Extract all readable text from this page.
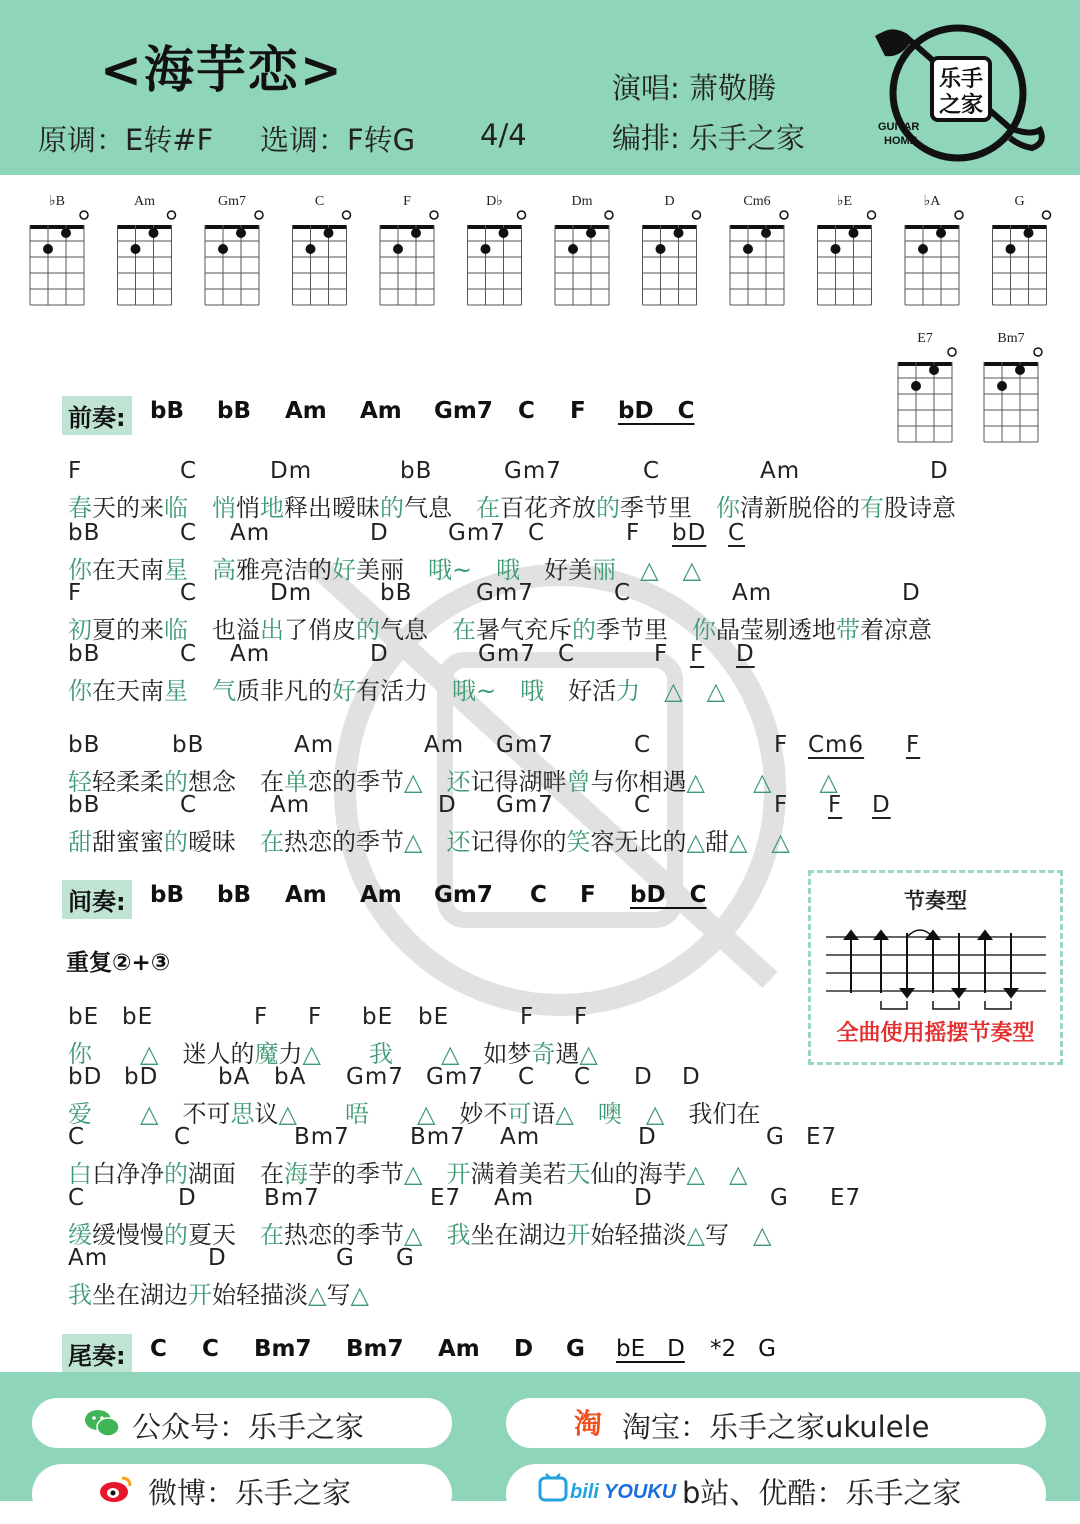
<海芋恋>
原调：E转#F 选调：F转G 4/4
演唱: 萧敬腾
编排: 乐手之家
乐手
之家
GUITAR
HOME
♭B	Am	Gm7	C	F	D♭	Dm	D	Cm6	♭E	♭A	G
E7	Bm7
前奏: bB bB Am Am Gm7 C F bD   C
F	C	Dm	bB	Gm7	C	Am	D
春天的来临　 悄悄地释出暧昧的气息　在百花齐放的季节里　你清新脱俗的有股诗意
bB	C Am	D	Gm7 C	F bD C
你在天南星　 高雅亮洁的好美丽　哦~　 哦　好美丽　 △　 △
F	C	Dm	bB	Gm7	C	Am	D
初夏的来临　也溢出了俏皮的气息　在暑气充斥的季节里　你晶莹剔透地带着凉意
bB	C Am	D	Gm7 C	F F D
你在天南星　 气质非凡的好有活力　哦~　 哦　好活力　 △　 △
bB	bB	Am	Am Gm7	C	F Cm6 F
轻轻柔柔的想念　在单恋的季节△　 还记得湖畔曾与你相遇△　　 △　　 △
bB	C	Am	D Gm7	C	F F D
甜甜蜜蜜的暧昧　在热恋的季节△　 还记得你的笑容无比的△甜△　 △
间奏: bB bB Am Am Gm7 C F bD   C
重复②+③
bE bE	F F bE bE	F F
你　　 △　迷人的魔力△　　 我　　 △　如梦奇遇△
bD bD	bA bA Gm7 Gm7 C C D D
爱　　 △　不可思议△　　 唔　　 △　妙不可语△　 噢　 △　我们在
C	C	Bm7	Bm7 Am	D	G E7
白白净净的湖面　在海芋的季节△　 开满着美若天仙的海芋△　 △
C	D	Bm7	E7 Am	D	G E7
缓缓慢慢的夏天　在热恋的季节△　 我坐在湖边开始轻描淡△写　△
Am	D	G G
我坐在湖边开始轻描淡△写△
尾奏: C C Bm7 Bm7 Am D G bE   D *2   G
节奏型
全曲使用摇摆节奏型
公众号：乐手之家	淘 淘宝：乐手之家ukulele
微博：乐手之家	bili YOUKU b站、优酷：乐手之家
